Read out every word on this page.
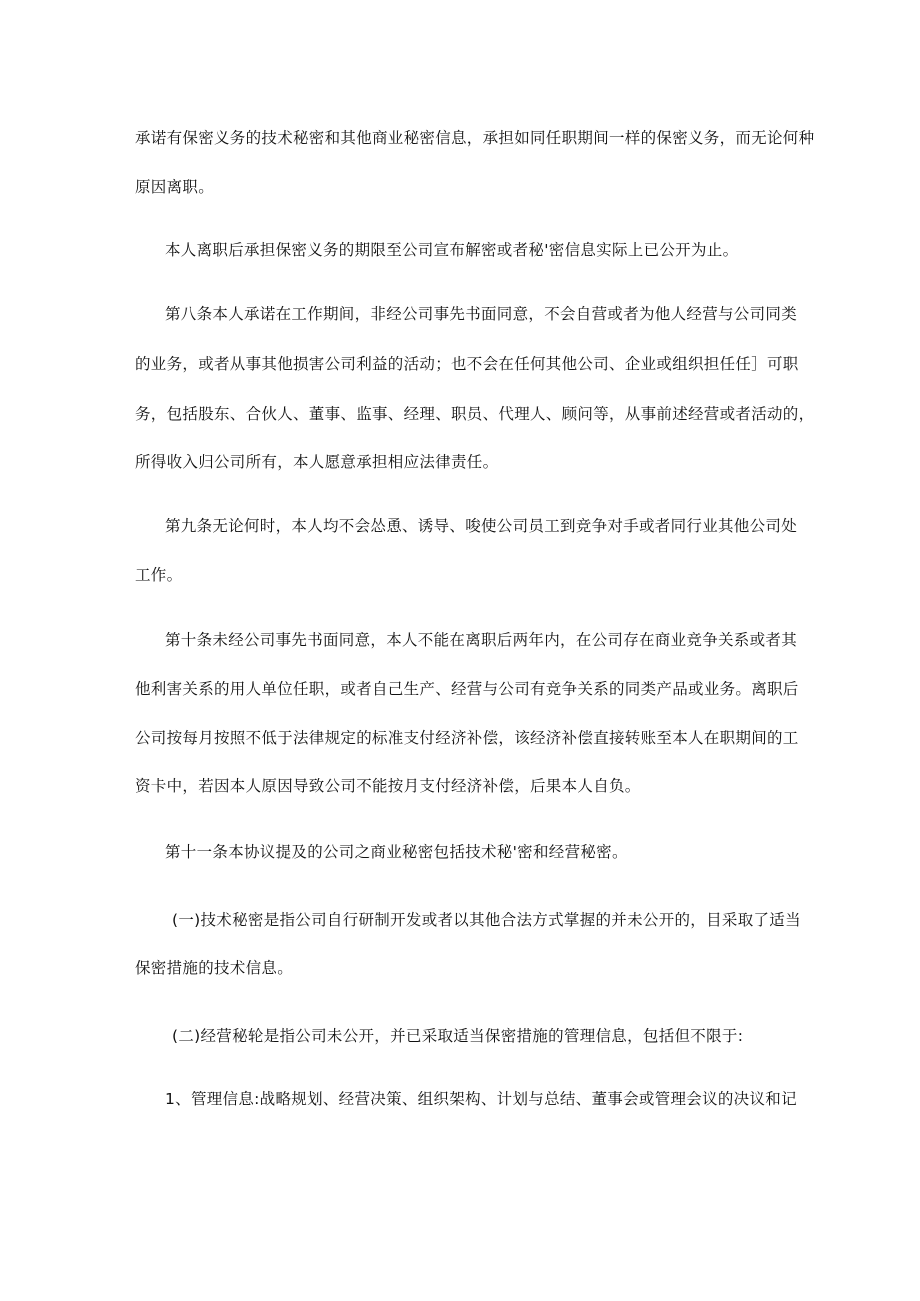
承诺有保密义务的技术秘密和其他商业秘密信息，承担如同任职期间一样的保密义务，而无论何种
原因离职。
本人离职后承担保密义务的期限至公司宣布解密或者秘'密信息实际上已公开为止。
第八条本人承诺在工作期间，非经公司事先书面同意，不会自营或者为他人经营与公司同类
的业务，或者从事其他损害公司利益的活动；也不会在任何其他公司、企业或组织担任任］可职
务，包括股东、合伙人、董事、监事、经理、职员、代理人、顾问等，从事前述经营或者活动的，
所得收入归公司所有，本人愿意承担相应法律责任。
第九条无论何时，本人均不会怂恿、诱导、唆使公司员工到竞争对手或者同行业其他公司处
工作。
第十条未经公司事先书面同意，本人不能在离职后两年内，在公司存在商业竞争关系或者其
他利害关系的用人单位任职，或者自己生产、经营与公司有竞争关系的同类产品或业务。离职后
公司按每月按照不低于法律规定的标准支付经济补偿，该经济补偿直接转账至本人在职期间的工
资卡中，若因本人原因导致公司不能按月支付经济补偿，后果本人自负。
第十一条本协议提及的公司之商业秘密包括技术秘'密和经营秘密。
(一)技术秘密是指公司自行研制开发或者以其他合法方式掌握的并未公开的，目采取了适当
保密措施的技术信息。
(二)经营秘轮是指公司未公开，并已采取适当保密措施的管理信息，包括但不限于:
1、管理信息:战略规划、经营决策、组织架构、计划与总结、董事会或管理会议的决议和记
